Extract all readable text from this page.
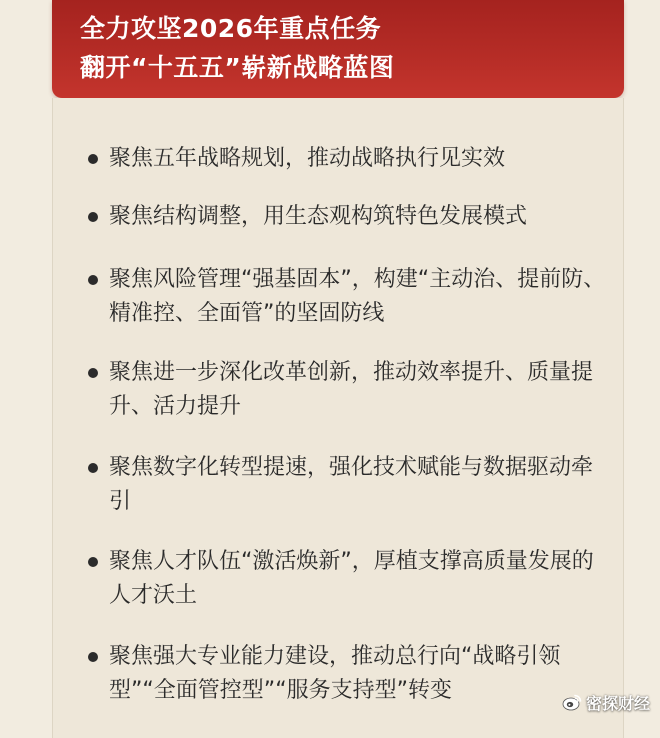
全力攻坚2026年重点任务
翻开“十五五”崭新战略蓝图

聚焦五年战略规划，推动战略执行见实效

聚焦结构调整，用生态观构筑特色发展模式

聚焦风险管理“强基固本”，构建“主动治、提前防、精准控、全面管”的坚固防线

聚焦进一步深化改革创新，推动效率提升、质量提升、活力提升

聚焦数字化转型提速，强化技术赋能与数据驱动牵引

聚焦人才队伍“激活焕新”，厚植支撑高质量发展的人才沃土

聚焦强大专业能力建设，推动总行向“战略引领型”“全面管控型”“服务支持型”转变	密探财经
